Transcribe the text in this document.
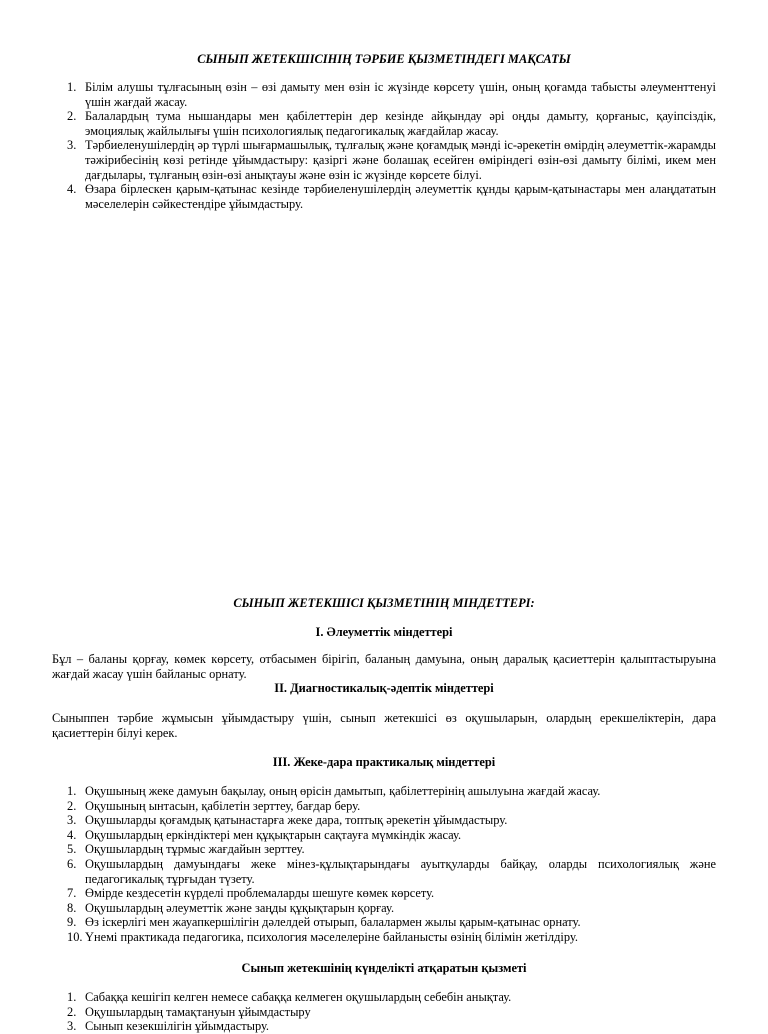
СЫНЫП ЖЕТЕКШІСІНІҢ ТӘРБИЕ ҚЫЗМЕТІНДЕГІ МАҚСАТЫ
1. Білім алушы тұлғасының өзін – өзі дамыту мен өзін іс жүзінде көрсету үшін, оның қоғамда табысты әлеументтенуі үшін жағдай жасау.
2. Балалардың тума нышандары мен қабілеттерін дер кезінде айқындау әрі оңды дамыту, қорғаныс, қауіпсіздік, эмоциялық жайлылығы үшін психологиялық педагогикалық жағдайлар жасау.
3. Тәрбиеленушілердің әр түрлі шығармашылық, тұлғалық және қоғамдық мәнді іс-әрекетін өмірдің әлеуметтік-жарамды тәжірибесінің көзі ретінде ұйымдастыру: қазіргі және болашақ есейген өміріндегі өзін-өзі дамыту білімі, икем мен дағдылары, тұлғаның өзін-өзі анықтауы және өзін іс жүзінде көрсете білуі.
4. Өзара бірлескен қарым-қатынас кезінде тәрбиеленушілердің әлеуметтік құнды қарым-қатынастары мен алаңдататын мәселелерін сәйкестендіре ұйымдастыру.
СЫНЫП ЖЕТЕКШІСІ ҚЫЗМЕТІНІҢ МІНДЕТТЕРІ:
І. Әлеуметтік міндеттері
Бұл – баланы қорғау, көмек көрсету, отбасымен бірігіп, баланың дамуына, оның даралық қасиеттерін қалыптастыруына жағдай жасау үшін байланыс орнату.
ІІ. Диагностикалық-әдептік міндеттері
Сыныппен тәрбие жұмысын ұйымдастыру үшін, сынып жетекшісі өз оқушыларын, олардың ерекшеліктерін, дара қасиеттерін білуі керек.
ІІІ. Жеке-дара практикалық міндеттері
1. Оқушының жеке дамуын бақылау, оның өрісін дамытып, қабілеттерінің ашылуына жағдай жасау.
2. Оқушының ынтасын, қабілетін зерттеу, бағдар беру.
3. Оқушыларды қоғамдық қатынастарға жеке дара, топтық әрекетін ұйымдастыру.
4. Оқушылардың еркіндіктері мен құқықтарын сақтауға мүмкіндік жасау.
5. Оқушылардың тұрмыс жағдайын зерттеу.
6. Оқушылардың дамуындағы жеке мінез-құлықтарындағы ауытқуларды байқау, оларды психологиялық және педагогикалық тұрғыдан түзету.
7. Өмірде кездесетін күрделі проблемаларды шешуге көмек көрсету.
8. Оқушылардың әлеуметтік және заңды құқықтарын қорғау.
9. Өз іскерлігі мен жауапкершілігін дәлелдей отырып, балалармен жылы қарым-қатынас орнату.
10. Үнемі практикада педагогика, психология мәселелеріне байланысты өзінің білімін жетілдіру.
Сынып жетекшінің күнделікті атқаратын қызметі
1. Сабаққа кешігіп келген немесе сабаққа келмеген оқушылардың себебін анықтау.
2. Оқушылардың тамақтануын ұйымдастыру
3. Сынып кезекшілігін ұйымдастыру.
